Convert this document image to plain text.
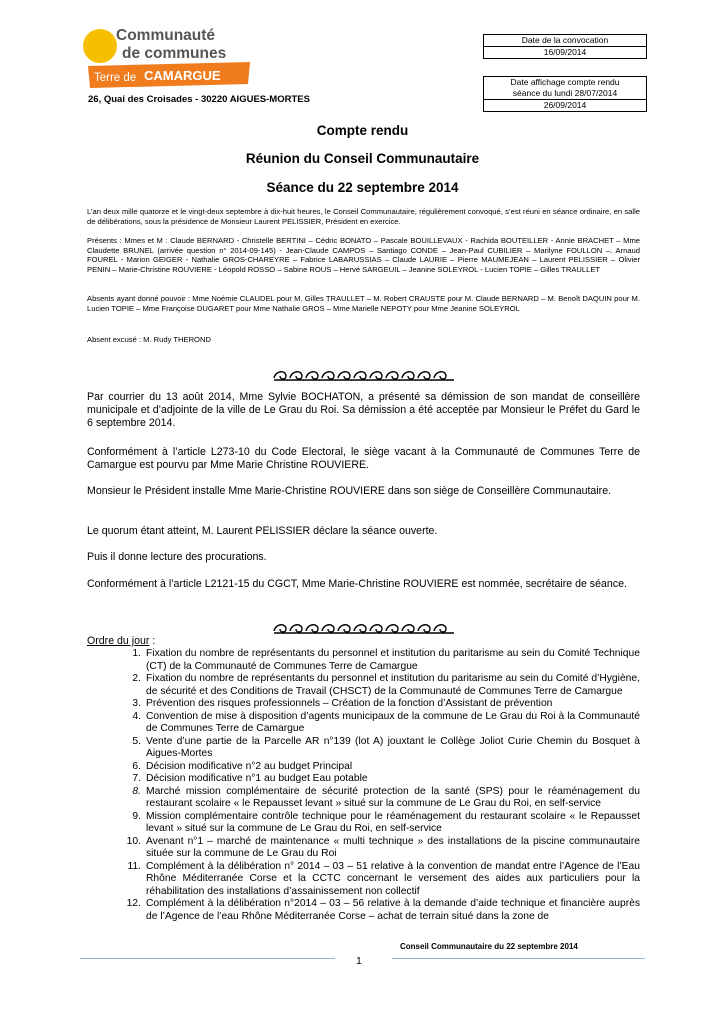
Communauté
de communes
Terre de CAMARGUE
26, Quai des Croisades - 30220 AIGUES-MORTES
Date de la convocation
16/09/2014
Date affichage compte rendu
séance du lundi 28/07/2014
26/09/2014
Compte rendu
Réunion du Conseil Communautaire
Séance du 22 septembre 2014
L’an deux mille quatorze et le vingt-deux septembre à dix-huit heures, le Conseil Communautaire, régulièrement convoqué, s’est réuni en séance ordinaire, en salle de délibérations, sous la présidence de Monsieur Laurent PELISSIER, Président en exercice.
Présents : Mmes et M : Claude BERNARD - Christelle BERTINI – Cédric BONATO – Pascale BOUILLEVAUX - Rachida BOUTEILLER - Annie BRACHET – Mme Claudette BRUNEL (arrivée question n° 2014-09-145) - Jean-Claude CAMPOS – Santiago CONDE – Jean-Paul CUBILIER – Marilyne FOULLON –. Arnaud FOUREL - Marion GEIGER - Nathalie GROS-CHAREYRE – Fabrice LABARUSSIAS – Claude LAURIE – Pierre MAUMEJEAN – Laurent PELISSIER – Olivier PENIN – Marie-Christine ROUVIERE - Léopold ROSSO – Sabine ROUS – Hervé SARGEUIL – Jeanine SOLEYROL - Lucien TOPIE – Gilles TRAULLET
Absents ayant donné pouvoir : Mme Noémie CLAUDEL pour M. Gilles TRAULLET – M. Robert CRAUSTE pour M. Claude BERNARD – M. Benoît DAQUIN pour M. Lucien TOPIE – Mme Françoise DUGARET pour Mme Nathalie GROS – Mme Marielle NEPOTY pour Mme Jeanine SOLEYROL
Absent excusé : M. Rudy THEROND
Par courrier du 13 août 2014, Mme Sylvie BOCHATON, a présenté sa démission de son mandat de conseillère municipale et d’adjointe de la ville de Le Grau du Roi. Sa démission a été acceptée par Monsieur le Préfet du Gard le 6 septembre 2014.
Conformément à l’article L273-10 du Code Electoral, le siège vacant à la Communauté de Communes Terre de Camargue est pourvu par Mme Marie Christine ROUVIERE.
Monsieur le Président installe Mme Marie-Christine ROUVIERE dans son siège de Conseillère Communautaire.
Le quorum étant atteint, M. Laurent PELISSIER déclare la séance ouverte.
Puis il donne lecture des procurations.
Conformément à l’article L2121-15 du CGCT, Mme Marie-Christine ROUVIERE est nommée, secrétaire de séance.
Ordre du jour :
1. Fixation du nombre de représentants du personnel et institution du paritarisme au sein du Comité Technique (CT) de la Communauté de Communes Terre de Camargue
2. Fixation du nombre de représentants du personnel et institution du paritarisme au sein du Comité d’Hygiène, de sécurité et des Conditions de Travail (CHSCT) de la Communauté de Communes Terre de Camargue
3. Prévention des risques professionnels – Création de la fonction d’Assistant de prévention
4. Convention de mise à disposition d’agents municipaux de la commune de Le Grau du Roi à la Communauté de Communes Terre de Camargue
5. Vente d’une partie de la Parcelle AR n°139 (lot A) jouxtant le Collège Joliot Curie Chemin du Bosquet à Aigues-Mortes
6. Décision modificative n°2 au budget Principal
7. Décision modificative n°1 au budget Eau potable
8. Marché mission complémentaire de sécurité protection de la santé (SPS) pour le réaménagement du restaurant scolaire « le Repausset levant » situé sur la commune de Le Grau du Roi, en self-service
9. Mission complémentaire contrôle technique pour le réaménagement du restaurant scolaire « le Repausset levant » situé sur la commune de Le Grau du Roi, en self-service
10. Avenant n°1 – marché de maintenance « multi technique » des installations de la piscine communautaire située sur la commune de Le Grau du Roi
11. Complément à la délibération n° 2014 – 03 – 51 relative à la convention de mandat entre l’Agence de l’Eau Rhône Méditerranée Corse et la CCTC concernant le versement des aides aux particuliers pour la réhabilitation des installations d’assainissement non collectif
12. Complément à la délibération n°2014 – 03 – 56 relative à la demande d’aide technique et financière auprès de l’Agence de l’eau Rhône Méditerranée Corse – achat de terrain situé dans la zone de
Conseil Communautaire du 22 septembre 2014
1
